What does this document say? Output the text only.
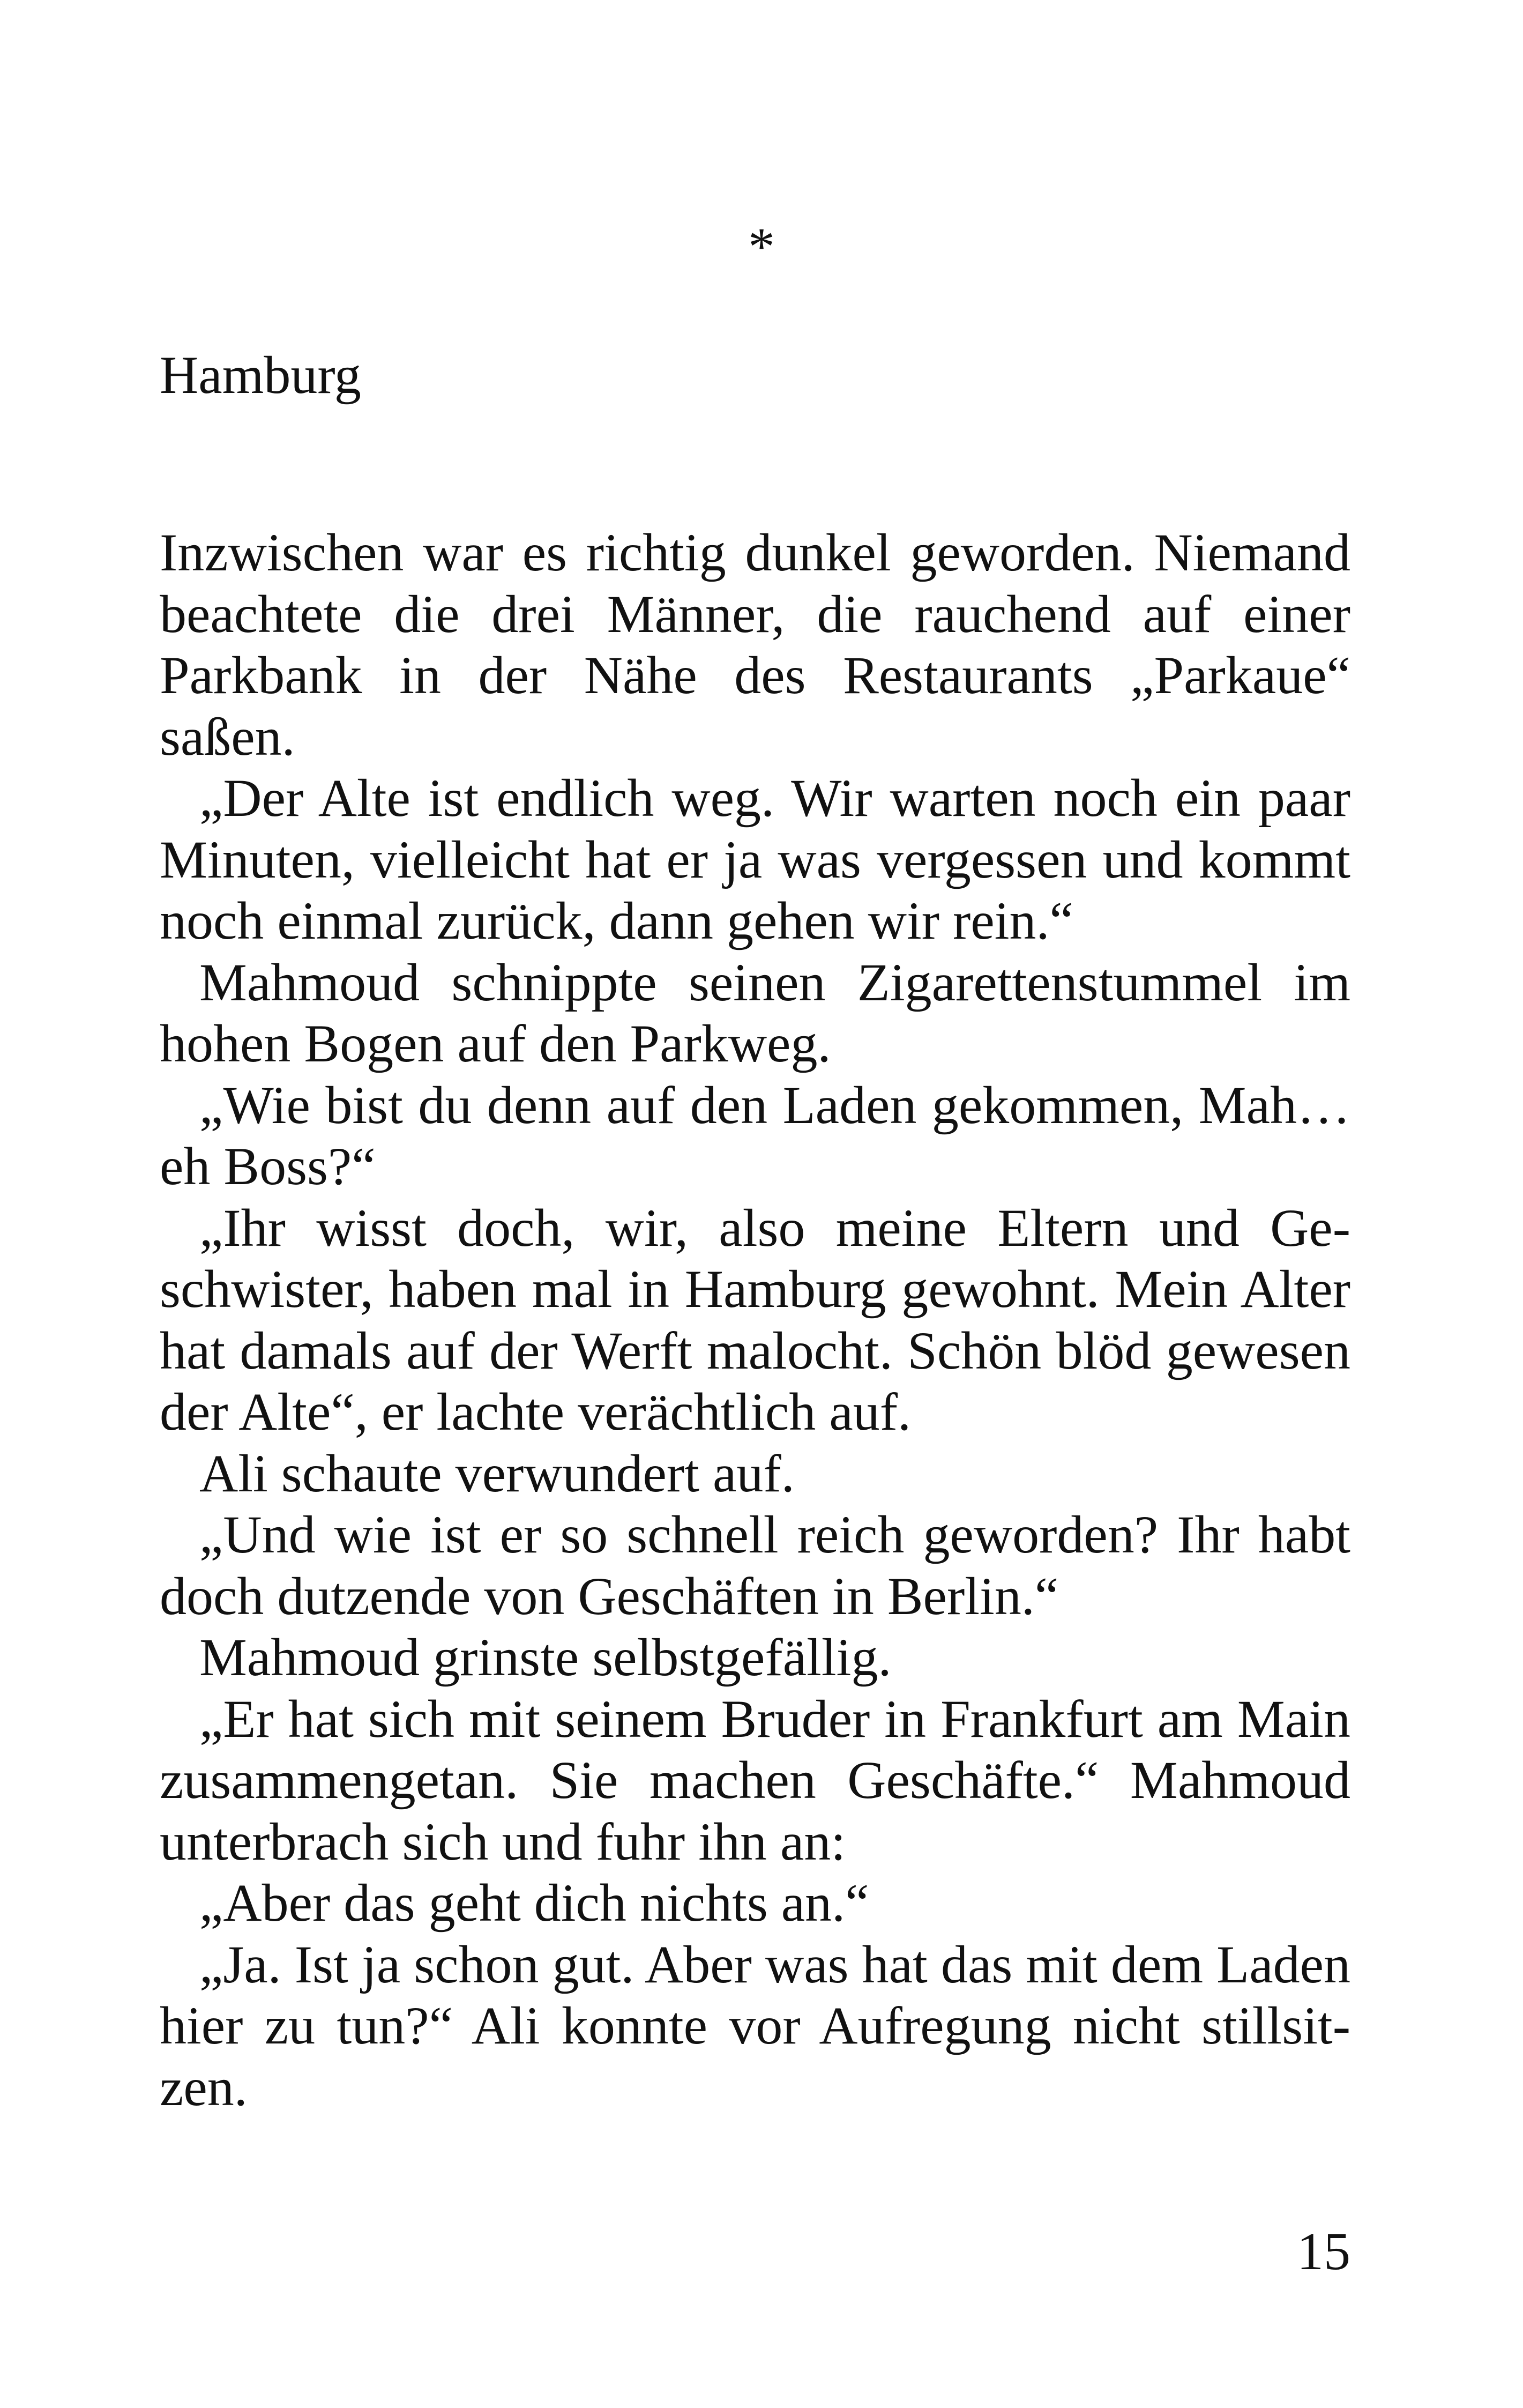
*
Hamburg

Inzwischen war es richtig dunkel geworden. Niemand beachtete die drei Männer, die rauchend auf einer Parkbank in der Nähe des Restaurants „Parkaue“ saßen.

„Der Alte ist endlich weg. Wir warten noch ein paar Minuten, vielleicht hat er ja was vergessen und kommt noch einmal zurück, dann gehen wir rein.“

Mahmoud schnippte seinen Zigarettenstummel im hohen Bogen auf den Parkweg.

„Wie bist du denn auf den Laden gekommen, Mah…eh Boss?“

„Ihr wisst doch, wir, also meine Eltern und Geschwister, haben mal in Hamburg gewohnt. Mein Alter hat damals auf der Werft malocht. Schön blöd gewesen der Alte“, er lachte verächtlich auf.

Ali schaute verwundert auf.

„Und wie ist er so schnell reich geworden? Ihr habt doch dutzende von Geschäften in Berlin.“

Mahmoud grinste selbstgefällig.

„Er hat sich mit seinem Bruder in Frankfurt am Main zusammengetan. Sie machen Geschäfte.“ Mahmoud unterbrach sich und fuhr ihn an:

„Aber das geht dich nichts an.“

„Ja. Ist ja schon gut. Aber was hat das mit dem Laden hier zu tun?“ Ali konnte vor Aufregung nicht stillsitzen.

15
